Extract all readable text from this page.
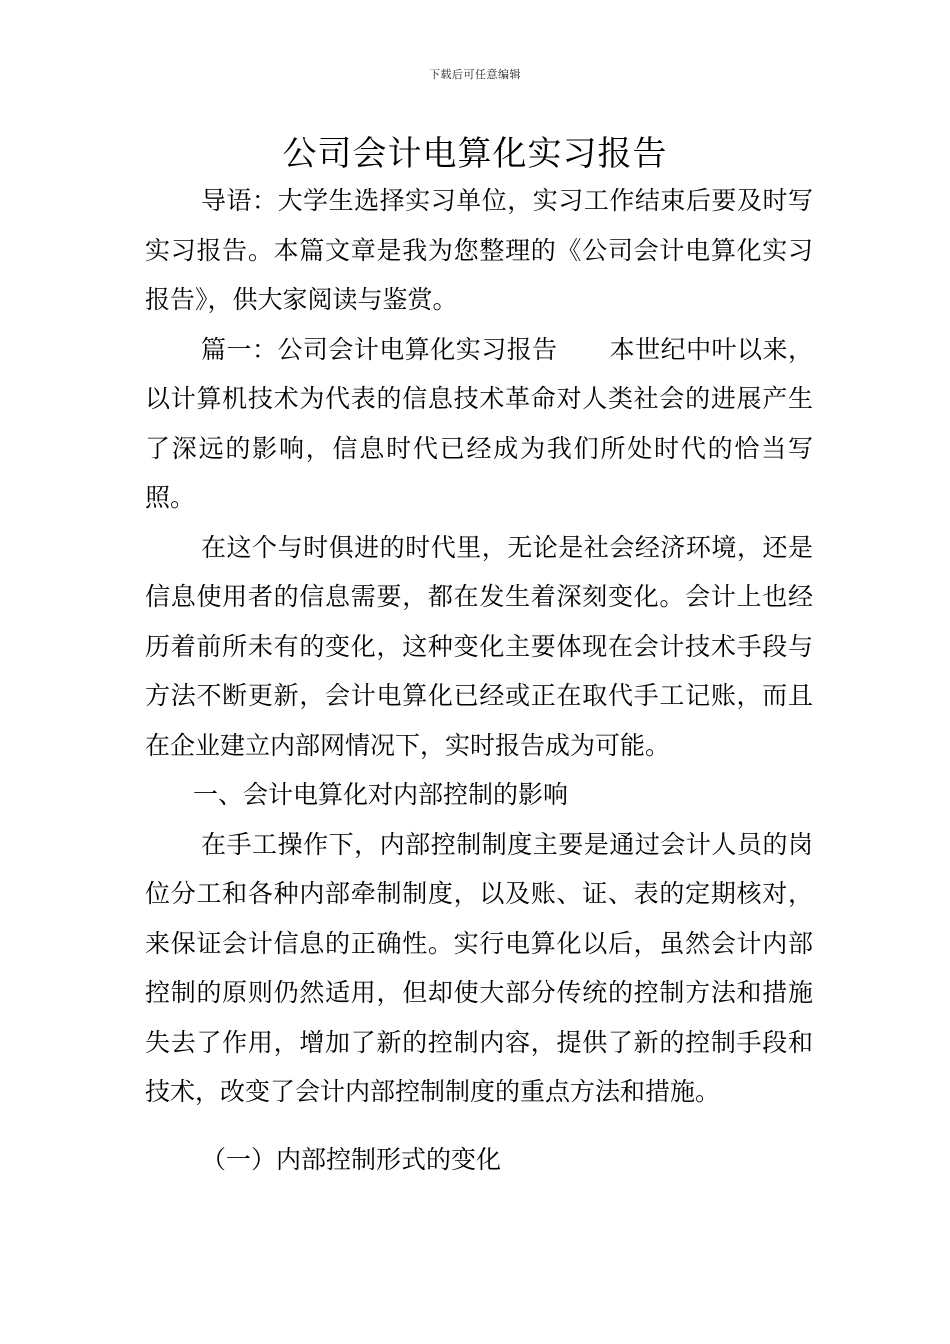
下载后可任意编辑
公司会计电算化实习报告

导语：大学生选择实习单位，实习工作结束后要及时写实习报告。本篇文章是我为您整理的《公司会计电算化实习报告》，供大家阅读与鉴赏。

篇一：公司会计电算化实习报告 本世纪中叶以来，以计算机技术为代表的信息技术革命对人类社会的进展产生了深远的影响，信息时代已经成为我们所处时代的恰当写照。

在这个与时俱进的时代里，无论是社会经济环境，还是信息使用者的信息需要，都在发生着深刻变化。会计上也经历着前所未有的变化，这种变化主要体现在会计技术手段与方法不断更新，会计电算化已经或正在取代手工记账，而且在企业建立内部网情况下，实时报告成为可能。

一、会计电算化对内部控制的影响

在手工操作下，内部控制制度主要是通过会计人员的岗位分工和各种内部牵制制度，以及账、证、表的定期核对，来保证会计信息的正确性。实行电算化以后，虽然会计内部控制的原则仍然适用，但却使大部分传统的控制方法和措施失去了作用，增加了新的控制内容，提供了新的控制手段和技术，改变了会计内部控制制度的重点方法和措施。

（一）内部控制形式的变化
